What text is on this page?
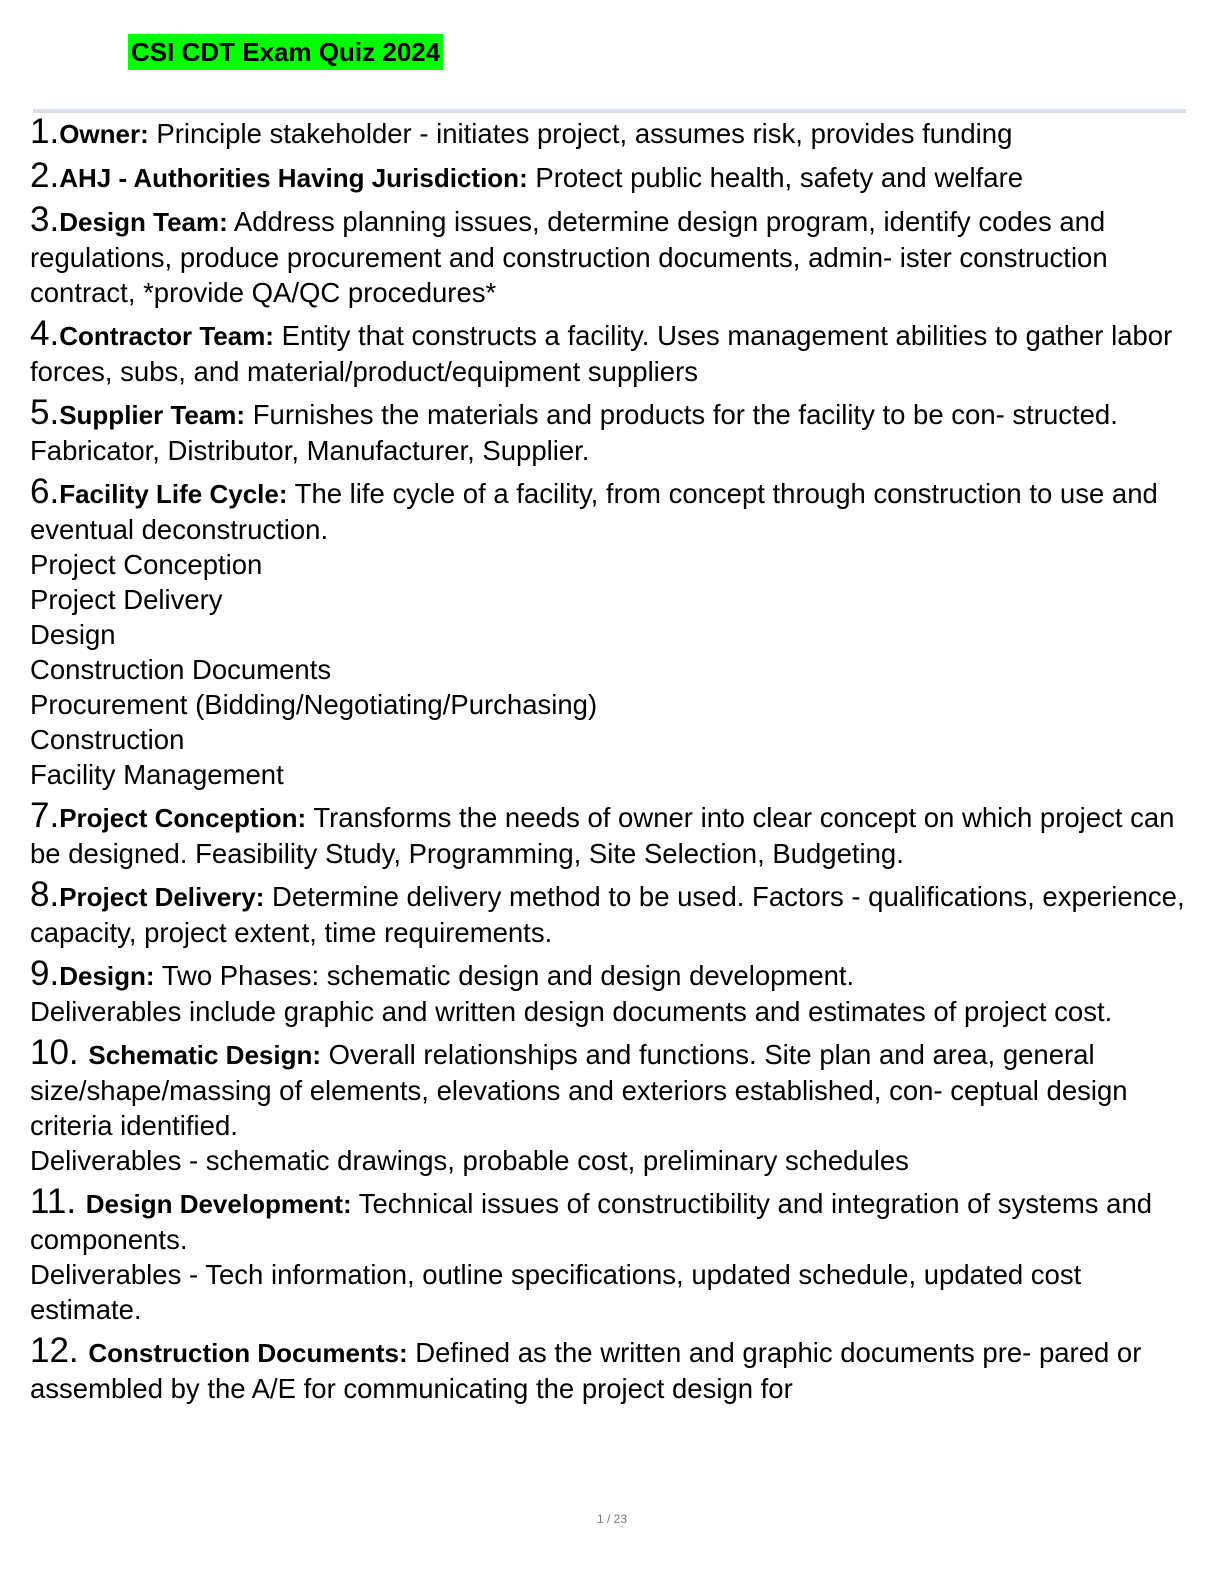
CSI CDT Exam Quiz 2024
1.Owner: Principle stakeholder - initiates project, assumes risk, provides funding
2.AHJ - Authorities Having Jurisdiction: Protect public health, safety and welfare
3.Design Team: Address planning issues, determine design program, identify codes and regulations, produce procurement and construction documents, admin- ister construction contract, *provide QA/QC procedures*
4.Contractor Team: Entity that constructs a facility. Uses management abilities to gather labor forces, subs, and material/product/equipment suppliers
5.Supplier Team: Furnishes the materials and products for the facility to be con- structed. Fabricator, Distributor, Manufacturer, Supplier.
6.Facility Life Cycle: The life cycle of a facility, from concept through construction to use and eventual deconstruction.
Project Conception
Project Delivery
Design
Construction Documents
Procurement (Bidding/Negotiating/Purchasing)
Construction
Facility Management
7.Project Conception: Transforms the needs of owner into clear concept on which project can be designed. Feasibility Study, Programming, Site Selection, Budgeting.
8.Project Delivery: Determine delivery method to be used. Factors - qualifications, experience, capacity, project extent, time requirements.
9.Design: Two Phases: schematic design and design development.
Deliverables include graphic and written design documents and estimates of project cost.
10. Schematic Design: Overall relationships and functions. Site plan and area, general size/shape/massing of elements, elevations and exteriors established, con- ceptual design criteria identified.
Deliverables - schematic drawings, probable cost, preliminary schedules
11. Design Development: Technical issues of constructibility and integration of systems and components.
Deliverables - Tech information, outline specifications, updated schedule, updated cost estimate.
12. Construction Documents: Defined as the written and graphic documents pre- pared or assembled by the A/E for communicating the project design for
1 / 23
